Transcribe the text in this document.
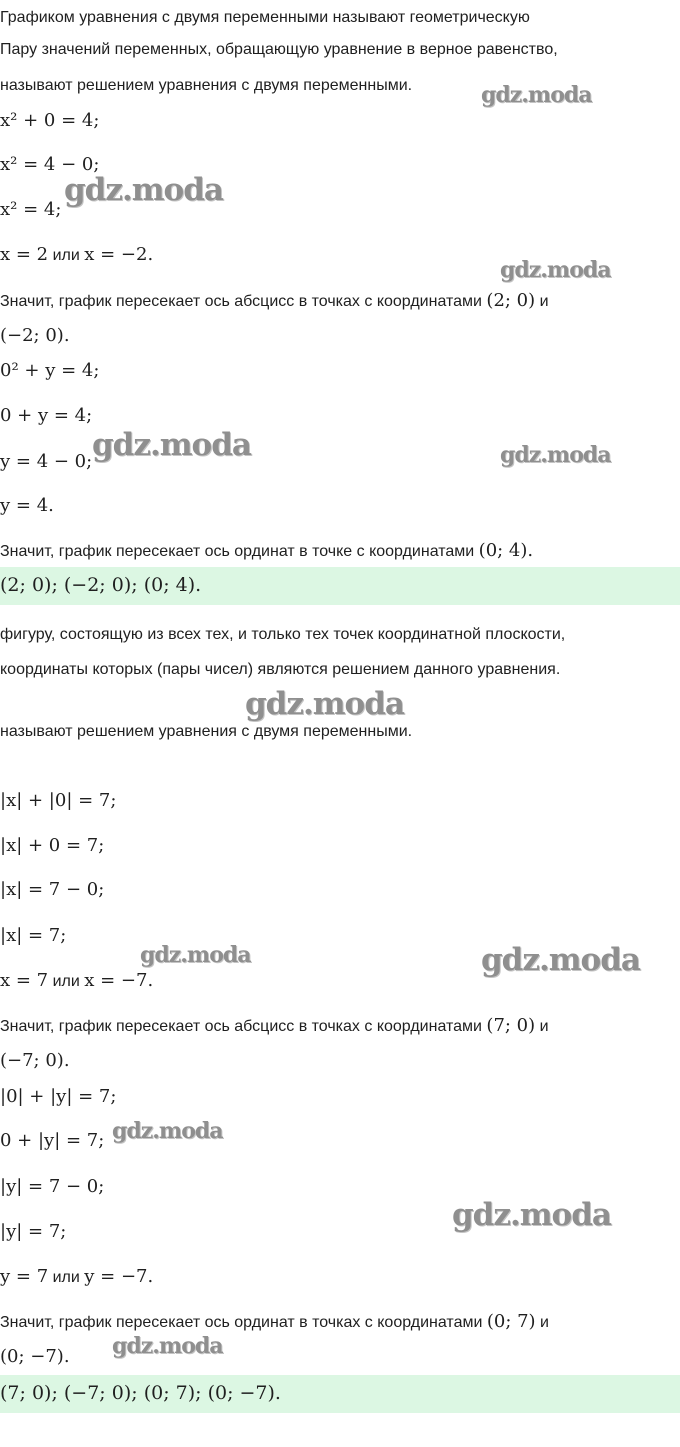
Графиком уравнения с двумя переменными называют геометрическую
Пару значений переменных, обращающую уравнение в верное равенство,
называют решением уравнения с двумя переменными.
x² + 0 = 4;
x² = 4 − 0;
x² = 4;
x = 2 или x = −2.
Значит, график пересекает ось абсцисс в точках с координатами (2; 0) и
(−2; 0).
0² + y = 4;
0 + y = 4;
y = 4 − 0;
y = 4.
Значит, график пересекает ось ординат в точке с координатами (0; 4).
(2; 0); (−2; 0); (0; 4).
фигуру, состоящую из всех тех, и только тех точек координатной плоскости,
координаты которых (пары чисел) являются решением данного уравнения.
называют решением уравнения с двумя переменными.
|x| + |0| = 7;
|x| + 0 = 7;
|x| = 7 − 0;
|x| = 7;
x = 7 или x = −7.
Значит, график пересекает ось абсцисс в точках с координатами (7; 0) и
(−7; 0).
|0| + |y| = 7;
0 + |y| = 7;
|y| = 7 − 0;
|y| = 7;
y = 7 или y = −7.
Значит, график пересекает ось ординат в точках с координатами (0; 7) и
(0; −7).
(7; 0); (−7; 0); (0; 7); (0; −7).
gdz.moda
gdz.moda
gdz.moda
gdz.moda	gdz.moda
gdz.moda
gdz.moda	gdz.moda
gdz.moda
gdz.moda
gdz.moda
